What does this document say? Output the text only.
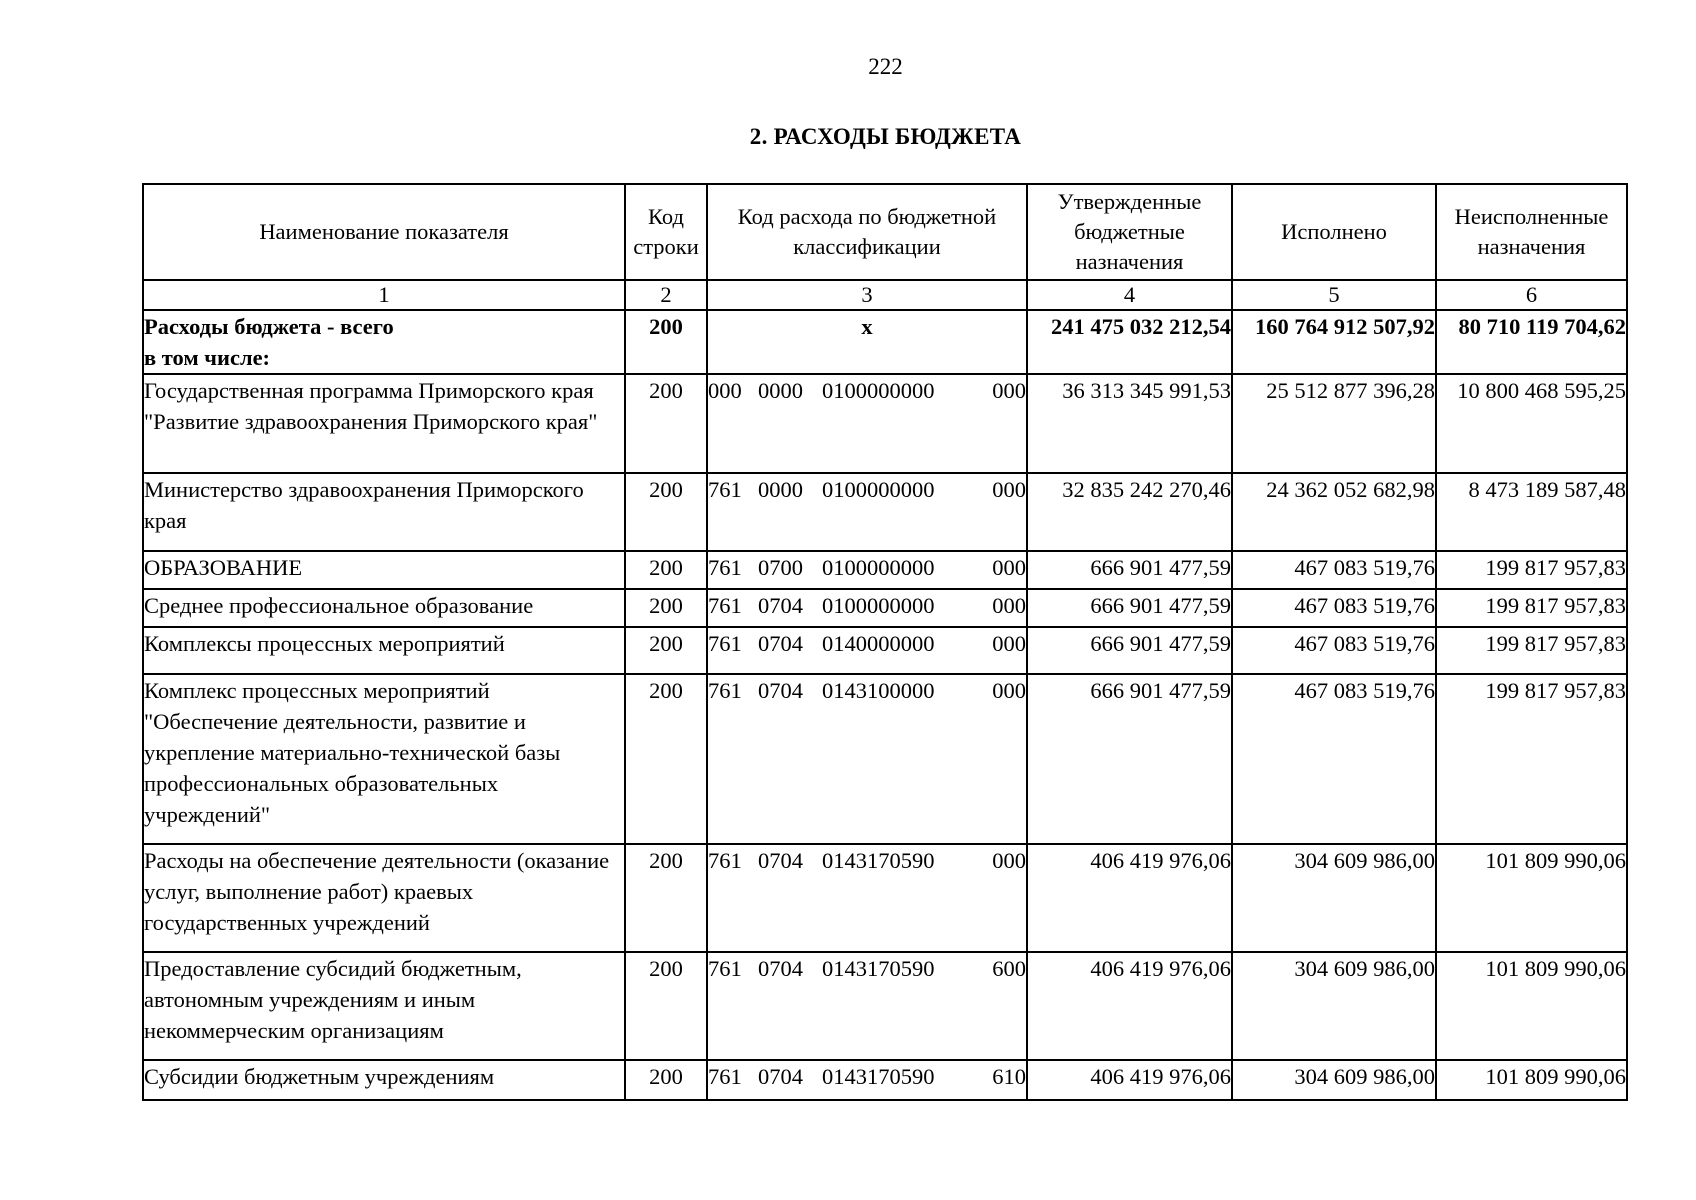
222
2. РАСХОДЫ БЮДЖЕТА
Наименование показателя	Код строки	Код расхода по бюджетной классификации	Утвержденные бюджетные назначения	Исполнено	Неисполненные назначения
1	2	3	4	5	6

Расходы бюджета - всего
в том числе:	200	x	241 475 032 212,54	160 764 912 507,92	80 710 119 704,62
Государственная программа Приморского края "Развитие здравоохранения Приморского края"	200	000 0000 0100000000 000	36 313 345 991,53	25 512 877 396,28	10 800 468 595,25
Министерство здравоохранения Приморского края	200	761 0000 0100000000 000	32 835 242 270,46	24 362 052 682,98	8 473 189 587,48
ОБРАЗОВАНИЕ	200	761 0700 0100000000 000	666 901 477,59	467 083 519,76	199 817 957,83
Среднее профессиональное образование	200	761 0704 0100000000 000	666 901 477,59	467 083 519,76	199 817 957,83
Комплексы процессных мероприятий	200	761 0704 0140000000 000	666 901 477,59	467 083 519,76	199 817 957,83
Комплекс процессных мероприятий "Обеспечение деятельности, развитие и укрепление материально-технической базы профессиональных образовательных учреждений"	200	761 0704 0143100000 000	666 901 477,59	467 083 519,76	199 817 957,83
Расходы на обеспечение деятельности (оказание услуг, выполнение работ) краевых государственных учреждений	200	761 0704 0143170590 000	406 419 976,06	304 609 986,00	101 809 990,06
Предоставление субсидий бюджетным, автономным учреждениям и иным некоммерческим организациям	200	761 0704 0143170590 600	406 419 976,06	304 609 986,00	101 809 990,06
Субсидии бюджетным учреждениям	200	761 0704 0143170590 610	406 419 976,06	304 609 986,00	101 809 990,06
